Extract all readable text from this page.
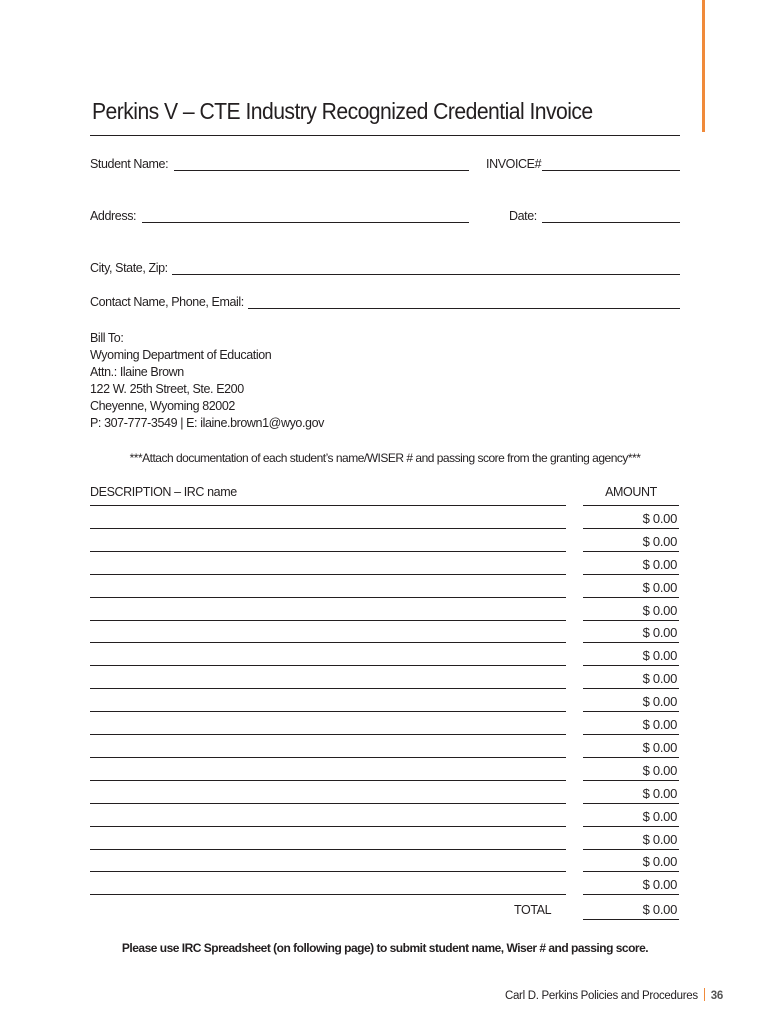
Perkins V – CTE Industry Recognized Credential Invoice
Student Name:	INVOICE#
Address:	Date:
City, State, Zip:
Contact Name, Phone, Email:
Bill To:
Wyoming Department of Education
Attn.: Ilaine Brown
122 W. 25th Street, Ste. E200
Cheyenne, Wyoming 82002
P: 307-777-3549 | E: ilaine.brown1@wyo.gov
***Attach documentation of each student’s name/WISER # and passing score from the granting agency***
DESCRIPTION – IRC name	AMOUNT
$ 0.00
$ 0.00
$ 0.00
$ 0.00
$ 0.00
$ 0.00
$ 0.00
$ 0.00
$ 0.00
$ 0.00
$ 0.00
$ 0.00
$ 0.00
$ 0.00
$ 0.00
$ 0.00
$ 0.00
TOTAL	$ 0.00
Please use IRC Spreadsheet (on following page) to submit student name, Wiser # and passing score.
Carl D. Perkins Policies and Procedures 36
